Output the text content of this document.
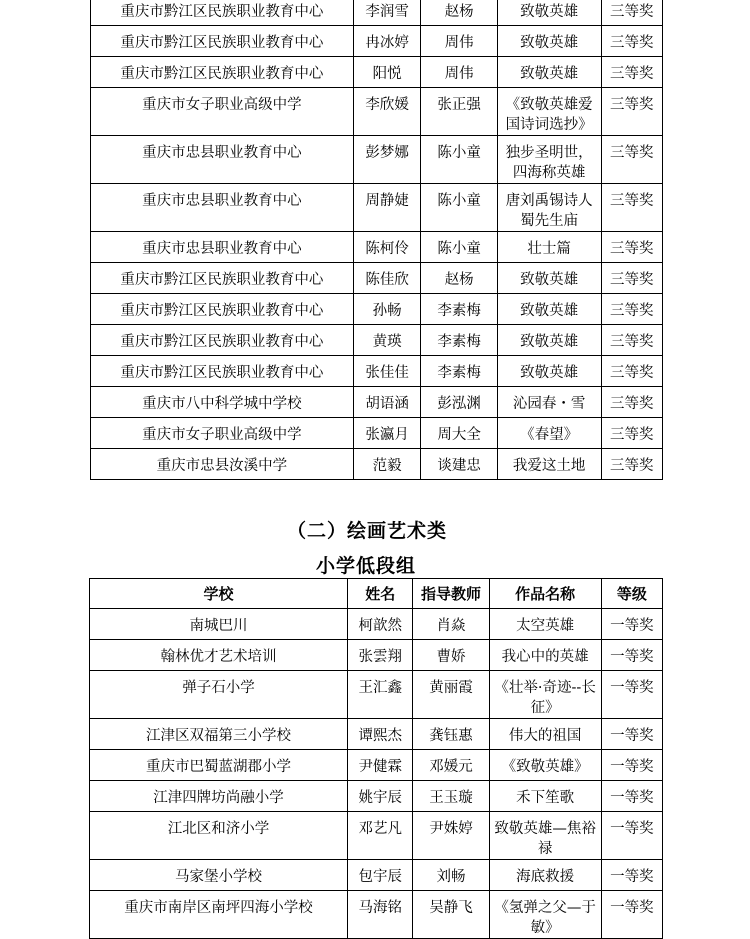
重庆市黔江区民族职业教育中心	李润雪	赵杨	致敬英雄	三等奖
重庆市黔江区民族职业教育中心	冉冰婷	周伟	致敬英雄	三等奖
重庆市黔江区民族职业教育中心	阳悦	周伟	致敬英雄	三等奖
重庆市女子职业高级中学	李欣媛	张正强	《致敬英雄爱国诗词选抄》	三等奖
重庆市忠县职业教育中心	彭梦娜	陈小童	独步圣明世，四海称英雄	三等奖
重庆市忠县职业教育中心	周静婕	陈小童	唐刘禹锡诗人蜀先生庙	三等奖
重庆市忠县职业教育中心	陈柯伶	陈小童	壮士篇	三等奖
重庆市黔江区民族职业教育中心	陈佳欣	赵杨	致敬英雄	三等奖
重庆市黔江区民族职业教育中心	孙畅	李素梅	致敬英雄	三等奖
重庆市黔江区民族职业教育中心	黄瑛	李素梅	致敬英雄	三等奖
重庆市黔江区民族职业教育中心	张佳佳	李素梅	致敬英雄	三等奖
重庆市八中科学城中学校	胡语涵	彭泓渊	沁园春・雪	三等奖
重庆市女子职业高级中学	张瀛月	周大全	《春望》	三等奖
重庆市忠县汝溪中学	范毅	谈建忠	我爱这土地	三等奖
（二）绘画艺术类
小学低段组
学校	姓名	指导教师	作品名称	等级
南城巴川	柯歆然	肖焱	太空英雄	一等奖
翰林优才艺术培训	张雲翔	曹娇	我心中的英雄	一等奖
弹子石小学	王汇鑫	黄丽霞	《壮举·奇迹--长征》	一等奖
江津区双福第三小学校	谭熙杰	龚钰惠	伟大的祖国	一等奖
重庆市巴蜀蓝湖郡小学	尹健霖	邓媛元	《致敬英雄》	一等奖
江津四牌坊尚融小学	姚宇辰	王玉璇	禾下笙歌	一等奖
江北区和济小学	邓艺凡	尹姝婷	致敬英雄—焦裕禄	一等奖
马家堡小学校	包宇辰	刘畅	海底救援	一等奖
重庆市南岸区南坪四海小学校	马海铭	吴静飞	《氢弹之父—于敏》	一等奖
